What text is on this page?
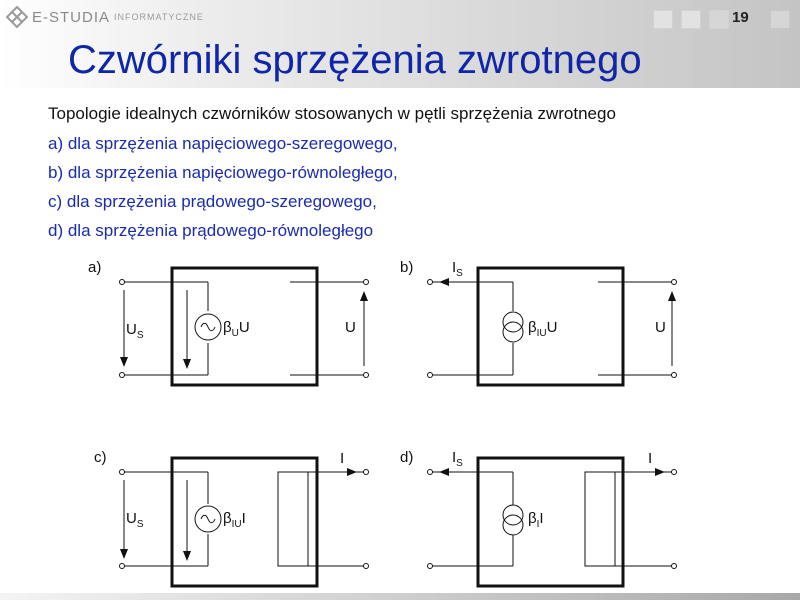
E-STUDIA INFORMATYCZNE	19
Czwórniki sprzężenia zwrotnego
Topologie idealnych czwórników stosowanych w pętli sprzężenia zwrotnego
a) dla sprzężenia napięciowego-szeregowego,
b) dla sprzężenia napięciowego-równoległego,
c) dla sprzężenia prądowego-szeregowego,
d) dla sprzężenia prądowego-równoległego
a)
$U_S$	$\beta_UU$	U
b)	$I_S$
$\beta_{IU}U$	U
c)
$U_S$	$\beta_{IU}I$
I	d)	$I_S$
$\beta_II$
I
